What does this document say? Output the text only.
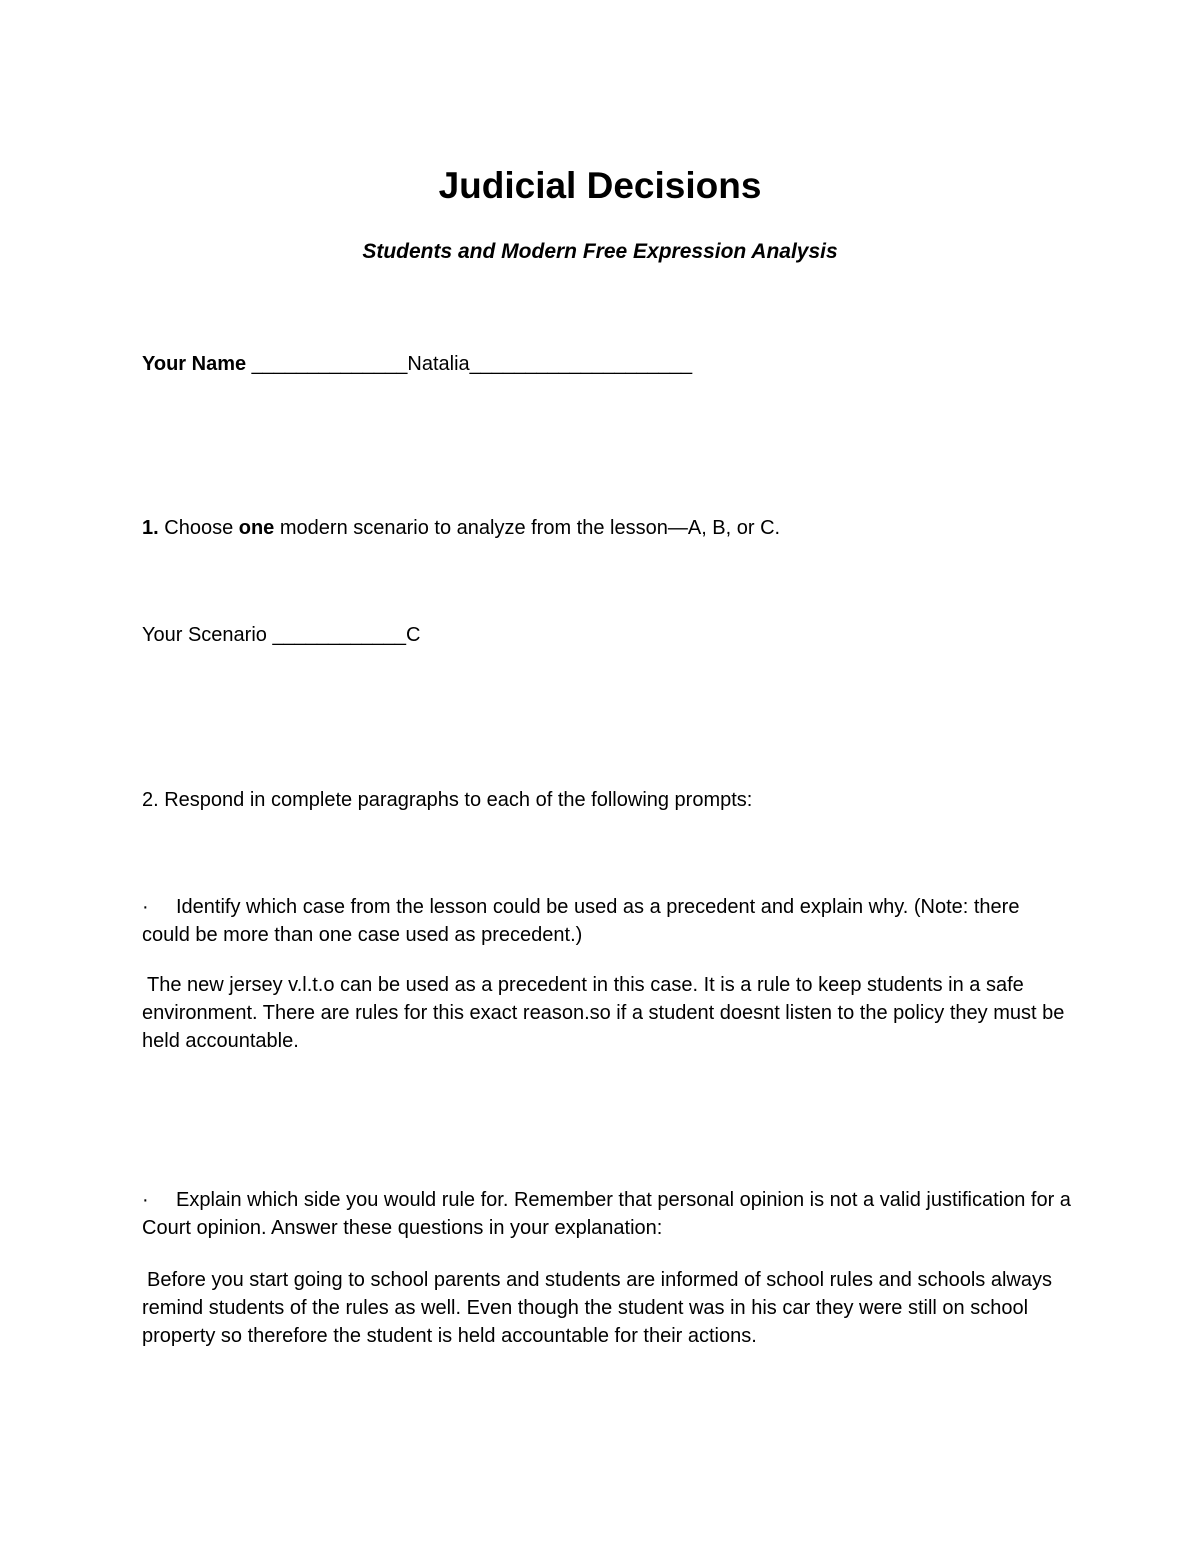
Judicial Decisions
Students and Modern Free Expression Analysis

Your Name ______________Natalia____________________

1. Choose one modern scenario to analyze from the lesson—A, B, or C.

Your Scenario ____________C

2. Respond in complete paragraphs to each of the following prompts:

· Identify which case from the lesson could be used as a precedent and explain why. (Note: there could be more than one case used as precedent.)

The new jersey v.l.t.o can be used as a precedent in this case. It is a rule to keep students in a safe environment. There are rules for this exact reason.so if a student doesnt listen to the policy they must be held accountable.

· Explain which side you would rule for. Remember that personal opinion is not a valid justification for a Court opinion. Answer these questions in your explanation:

Before you start going to school parents and students are informed of school rules and schools always remind students of the rules as well. Even though the student was in his car they were still on school property so therefore the student is held accountable for their actions.
